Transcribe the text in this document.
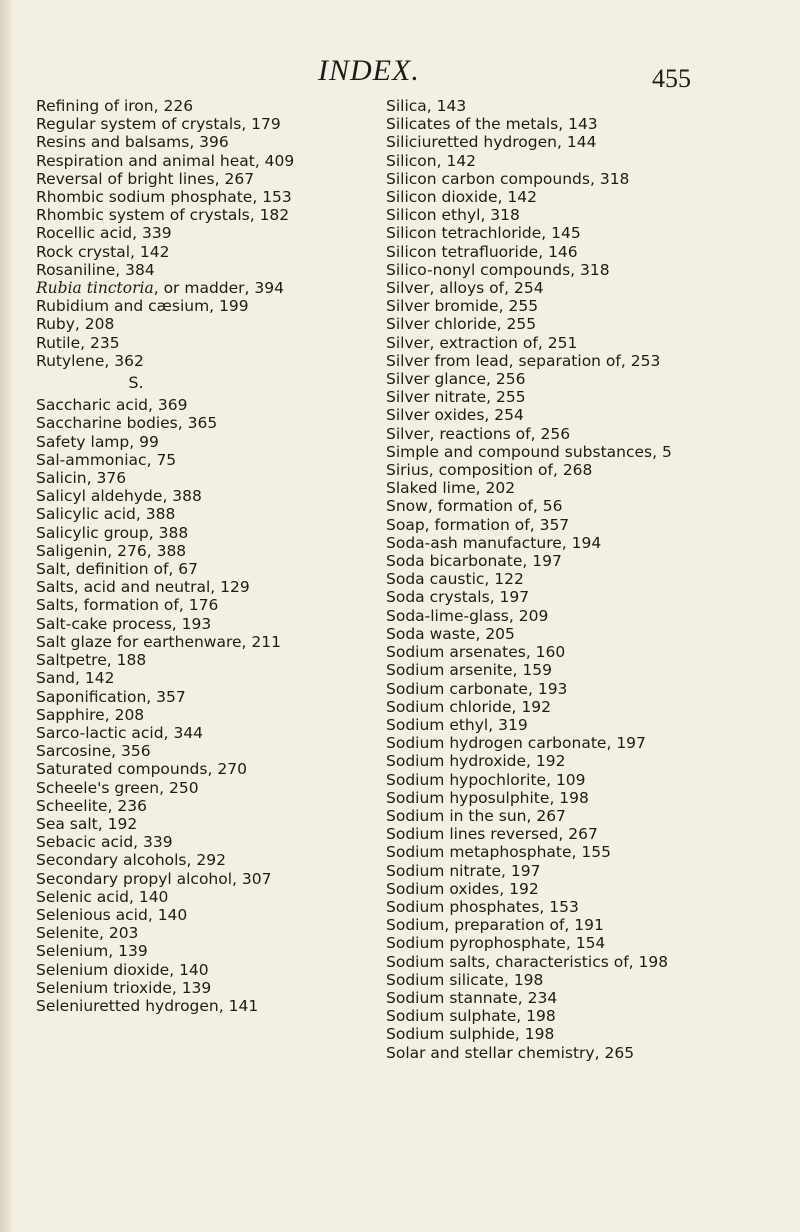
INDEX.	455
Refining of iron, 226
Regular system of crystals, 179
Resins and balsams, 396
Respiration and animal heat, 409
Reversal of bright lines, 267
Rhombic sodium phosphate, 153
Rhombic system of crystals, 182
Rocellic acid, 339
Rock crystal, 142
Rosaniline, 384
Rubia tinctoria, or madder, 394
Rubidium and cæsium, 199
Ruby, 208
Rutile, 235
Rutylene, 362
S.
Saccharic acid, 369
Saccharine bodies, 365
Safety lamp, 99
Sal-ammoniac, 75
Salicin, 376
Salicyl aldehyde, 388
Salicylic acid, 388
Salicylic group, 388
Saligenin, 276, 388
Salt, definition of, 67
Salts, acid and neutral, 129
Salts, formation of, 176
Salt-cake process, 193
Salt glaze for earthenware, 211
Saltpetre, 188
Sand, 142
Saponification, 357
Sapphire, 208
Sarco-lactic acid, 344
Sarcosine, 356
Saturated compounds, 270
Scheele's green, 250
Scheelite, 236
Sea salt, 192
Sebacic acid, 339
Secondary alcohols, 292
Secondary propyl alcohol, 307
Selenic acid, 140
Selenious acid, 140
Selenite, 203
Selenium, 139
Selenium dioxide, 140
Selenium trioxide, 139
Seleniuretted hydrogen, 141
Silica, 143
Silicates of the metals, 143
Siliciuretted hydrogen, 144
Silicon, 142
Silicon carbon compounds, 318
Silicon dioxide, 142
Silicon ethyl, 318
Silicon tetrachloride, 145
Silicon tetrafluoride, 146
Silico-nonyl compounds, 318
Silver, alloys of, 254
Silver bromide, 255
Silver chloride, 255
Silver, extraction of, 251
Silver from lead, separation of, 253
Silver glance, 256
Silver nitrate, 255
Silver oxides, 254
Silver, reactions of, 256
Simple and compound substances, 5
Sirius, composition of, 268
Slaked lime, 202
Snow, formation of, 56
Soap, formation of, 357
Soda-ash manufacture, 194
Soda bicarbonate, 197
Soda caustic, 122
Soda crystals, 197
Soda-lime-glass, 209
Soda waste, 205
Sodium arsenates, 160
Sodium arsenite, 159
Sodium carbonate, 193
Sodium chloride, 192
Sodium ethyl, 319
Sodium hydrogen carbonate, 197
Sodium hydroxide, 192
Sodium hypochlorite, 109
Sodium hyposulphite, 198
Sodium in the sun, 267
Sodium lines reversed, 267
Sodium metaphosphate, 155
Sodium nitrate, 197
Sodium oxides, 192
Sodium phosphates, 153
Sodium, preparation of, 191
Sodium pyrophosphate, 154
Sodium salts, characteristics of, 198
Sodium silicate, 198
Sodium stannate, 234
Sodium sulphate, 198
Sodium sulphide, 198
Solar and stellar chemistry, 265
